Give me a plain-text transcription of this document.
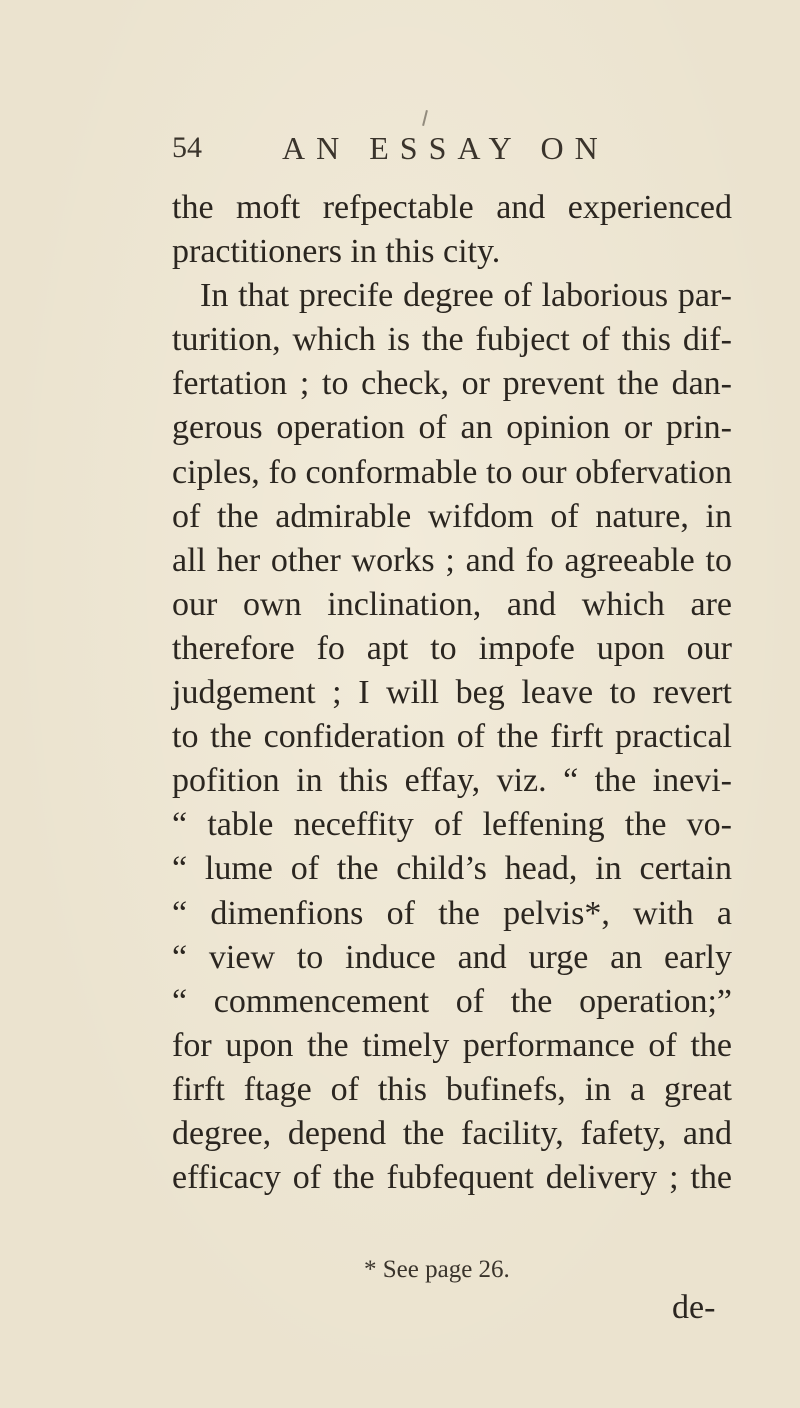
54	AN ESSAY ON
the moft refpectable and experienced
practitioners in this city.
In that precife degree of laborious par-
turition, which is the fubject of this dif-
fertation ; to check, or prevent the dan-
gerous operation of an opinion or prin-
ciples, fo conformable to our obfervation
of the admirable wifdom of nature, in
all her other works ; and fo agreeable to
our own inclination, and which are
therefore fo apt to impofe upon our
judgement ; I will beg leave to revert
to the confideration of the firft practical
pofition in this effay, viz. “ the inevi-
“ table neceffity of leffening the vo-
“ lume of the child’s head, in certain
“ dimenfions of the pelvis*, with a
“ view to induce and urge an early
“ commencement of the operation;”
for upon the timely performance of the
firft ftage of this bufinefs, in a great
degree, depend the facility, fafety, and
efficacy of the fubfequent delivery ; the
* See page 26.
de-
